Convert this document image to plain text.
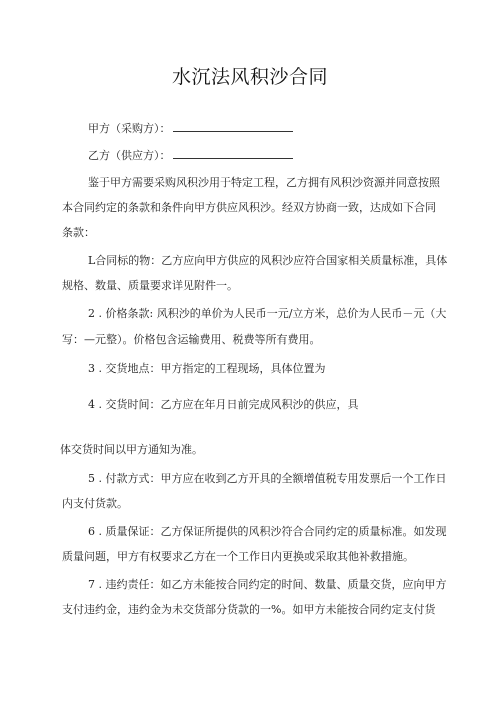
水沉法风积沙合同
甲方（采购方）：
乙方（供应方）：
鉴于甲方需要采购风积沙用于特定工程，乙方拥有风积沙资源并同意按照
本合同约定的条款和条件向甲方供应风积沙。经双方协商一致，达成如下合同
条款：
L合同标的物：乙方应向甲方供应的风积沙应符合国家相关质量标准，具体
规格、数量、质量要求详见附件一。
2 . 价格条款: 风积沙的单价为人民币一元/立方米，总价为人民币－元（大
写：—元整）。价格包含运输费用、税费等所有费用。
3 . 交货地点：甲方指定的工程现场，具体位置为
4 . 交货时间：乙方应在年月日前完成风积沙的供应，具
体交货时间以甲方通知为准。
5 . 付款方式：甲方应在收到乙方开具的全额增值税专用发票后一个工作日
内支付货款。
6 . 质量保证：乙方保证所提供的风积沙符合合同约定的质量标准。如发现
质量问题，甲方有权要求乙方在一个工作日内更换或采取其他补救措施。
7 . 违约责任：如乙方未能按合同约定的时间、数量、质量交货，应向甲方
支付违约金，违约金为未交货部分货款的一%。如甲方未能按合同约定支付货
